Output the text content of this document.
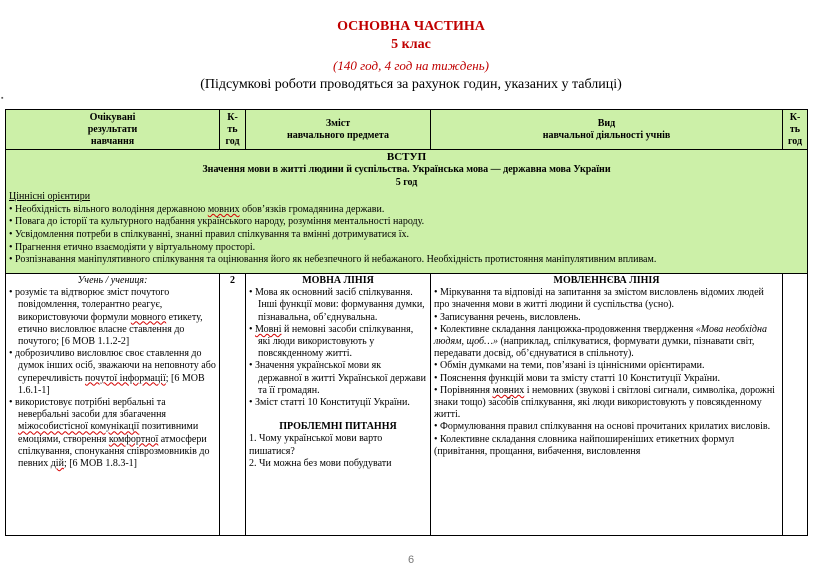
ОСНОВНА ЧАСТИНА
5 клас
(140 год, 4 год на тиждень)
(Підсумкові роботи проводяться за рахунок годин, указаних у таблиці)
▪
Очікувані
результати
навчання
К-
ть
год
Зміст
навчального предмета
Вид
навчальної діяльності учнів
К-
ть
год
ВСТУП
Значення мови в житті людини й суспільства. Українська мова — державна мова України
5 год
Ціннісні орієнтири
• Необхідність вільного володіння державною мовних обов’язків громадянина держави.
• Повага до історії та культурного надбання українського народу, розуміння ментальності народу.
• Усвідомлення потреби в спілкуванні, знанні правил спілкування та вмінні дотримуватися їх.
• Прагнення етично взаємодіяти у віртуальному просторі.
• Розпізнавання маніпулятивного спілкування та оцінювання його як небезпечного й небажаного. Необхідність протистояння маніпулятивним впливам.
Учень / учениця:
• розуміє та відтворює зміст почутого повідомлення, толерантно реагує, використовуючи формули мовного етикету, етично висловлює власне ставлення до почутого; [6 МОВ 1.1.2-2]
• доброзичливо висловлює своє ставлення до думок інших осіб, зважаючи на неповноту або суперечливість почутої інформації; [6 МОВ 1.6.1-1]
• використовує потрібні вербальні та невербальні засоби для збагачення міжособистісної комунікації позитивними емоціями, створення комфортної атмосфери спілкування, спонукання співрозмовників до певних дій; [6 МОВ 1.8.3-1]
2	МОВНА ЛІНІЯ
• Мова як основний засіб спілкування. Інші функції мови: формування думки, пізнавальна, об’єднувальна.
• Мовні й немовні засоби спілкування, які люди використовують у повсякденному житті.
• Значення української мови як державної в житті Української держави та її громадян.
• Зміст статті 10 Конституції України.
ПРОБЛЕМНІ ПИТАННЯ
1. Чому української мови варто пишатися?
2. Чи можна без мови побудувати
МОВЛЕННЄВА ЛІНІЯ
• Міркування та відповіді на запитання за змістом висловлень відомих людей про значення мови в житті людини й суспільства (усно).
• Записування речень, висловлень.
• Колективне складання ланцюжка-продовження твердження «Мова необхідна людям, щоб…» (наприклад, спілкуватися, формувати думки, пізнавати світ, передавати досвід, об’єднуватися в спільноту).
• Обмін думками на теми, пов’язані із ціннісними орієнтирами.
• Пояснення функцій мови та змісту статті 10 Конституції України.
• Порівняння мовних і немовних (звукові і світлові сигнали, символіка, дорожні знаки тощо) засобів спілкування, які люди використовують у повсякденному житті.
• Формулювання правил спілкування на основі прочитаних крилатих висловів.
• Колективне складання словника найпоширеніших етикетних формул (привітання, прощання, вибачення, висловлення
6
